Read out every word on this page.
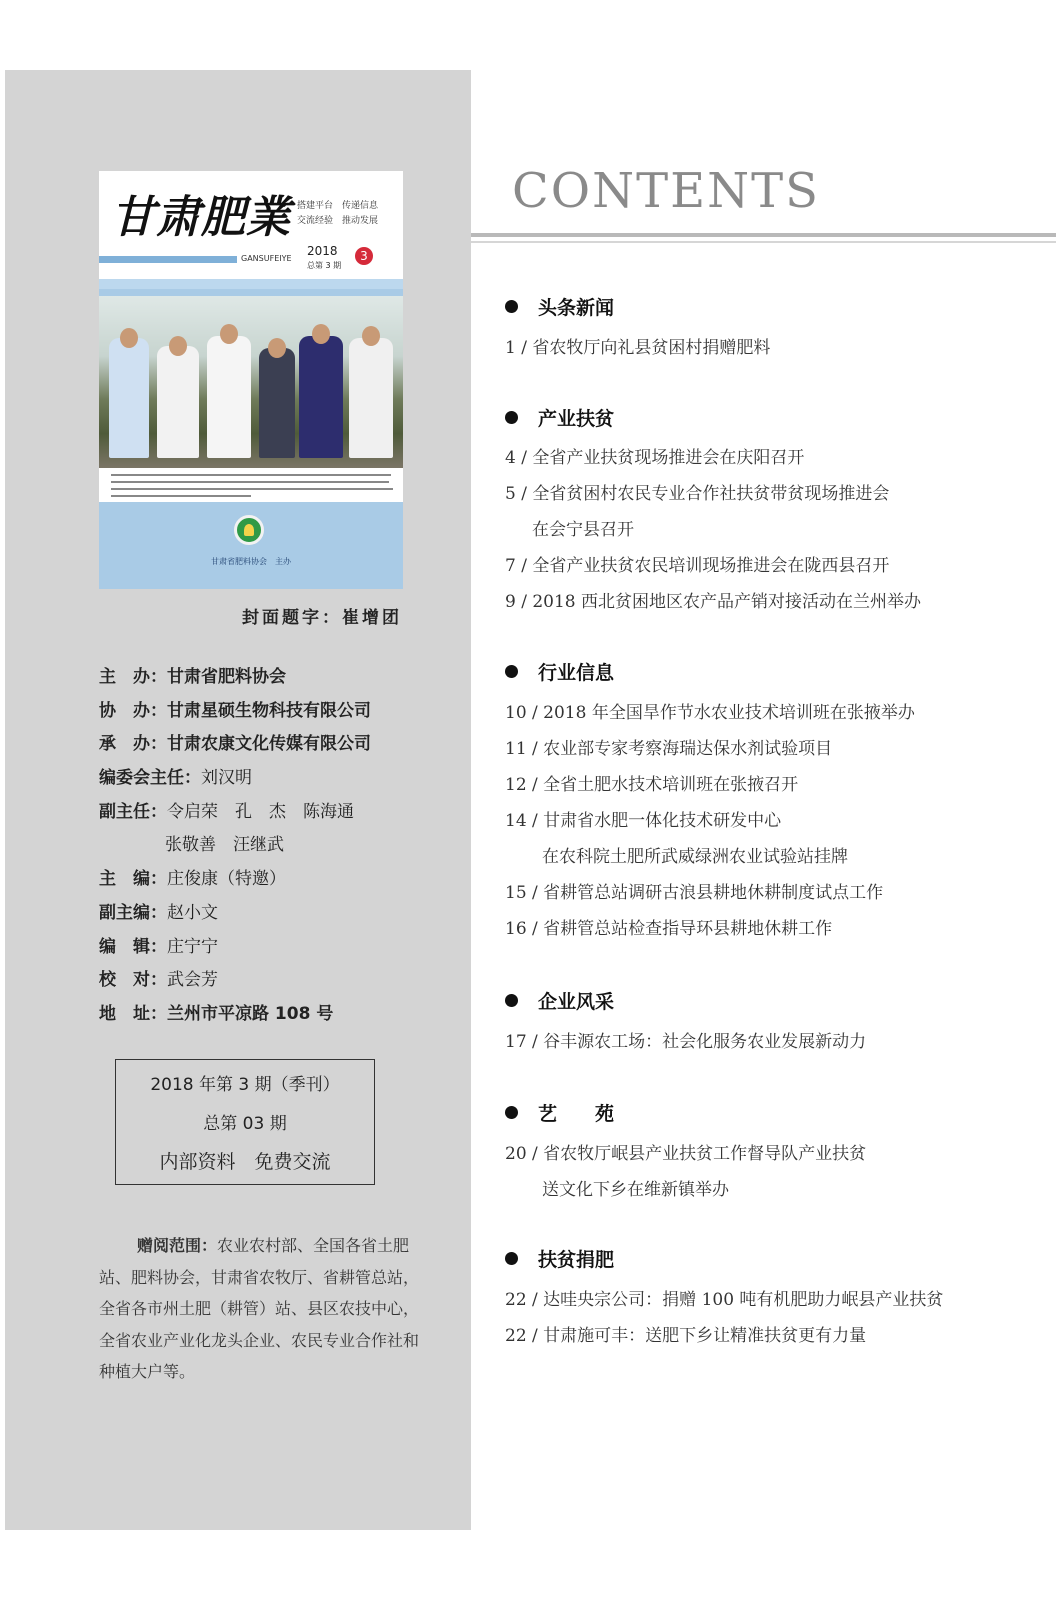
甘肃肥業 搭建平台　传递信息
交流经验　推动发展
GANSUFEIYE
2018
总第 3 期
3
甘肃省肥料协会　主办
封面题字：崔增团
主　办：甘肃省肥料协会
协　办：甘肃星硕生物科技有限公司
承　办：甘肃农康文化传媒有限公司
编委会主任：刘汉明
副主任：令启荣　孔　杰　陈海通
张敬善　汪继武
主　编：庄俊康（特邀）
副主编：赵小文
编　辑：庄宁宁
校　对：武会芳
地　址：兰州市平凉路 108 号
2018 年第 3 期（季刊）
总第 03 期
内部资料　免费交流
赠阅范围：农业农村部、全国各省土肥站、肥料协会，甘肃省农牧厅、省耕管总站，全省各市州土肥（耕管）站、县区农技中心，全省农业产业化龙头企业、农民专业合作社和种植大户等。
CONTENTS
头条新闻
1 / 省农牧厅向礼县贫困村捐赠肥料
产业扶贫
4 / 全省产业扶贫现场推进会在庆阳召开
5 / 全省贫困村农民专业合作社扶贫带贫现场推进会
在会宁县召开
7 / 全省产业扶贫农民培训现场推进会在陇西县召开
9 / 2018 西北贫困地区农产品产销对接活动在兰州举办
行业信息
10 / 2018 年全国旱作节水农业技术培训班在张掖举办
11 / 农业部专家考察海瑞达保水剂试验项目
12 / 全省土肥水技术培训班在张掖召开
14 / 甘肃省水肥一体化技术研发中心
在农科院土肥所武威绿洲农业试验站挂牌
15 / 省耕管总站调研古浪县耕地休耕制度试点工作
16 / 省耕管总站检查指导环县耕地休耕工作
企业风采
17 / 谷丰源农工场：社会化服务农业发展新动力
艺　　苑
20 / 省农牧厅岷县产业扶贫工作督导队产业扶贫
送文化下乡在维新镇举办
扶贫捐肥
22 / 达哇央宗公司：捐赠 100 吨有机肥助力岷县产业扶贫
22 / 甘肃施可丰：送肥下乡让精准扶贫更有力量
